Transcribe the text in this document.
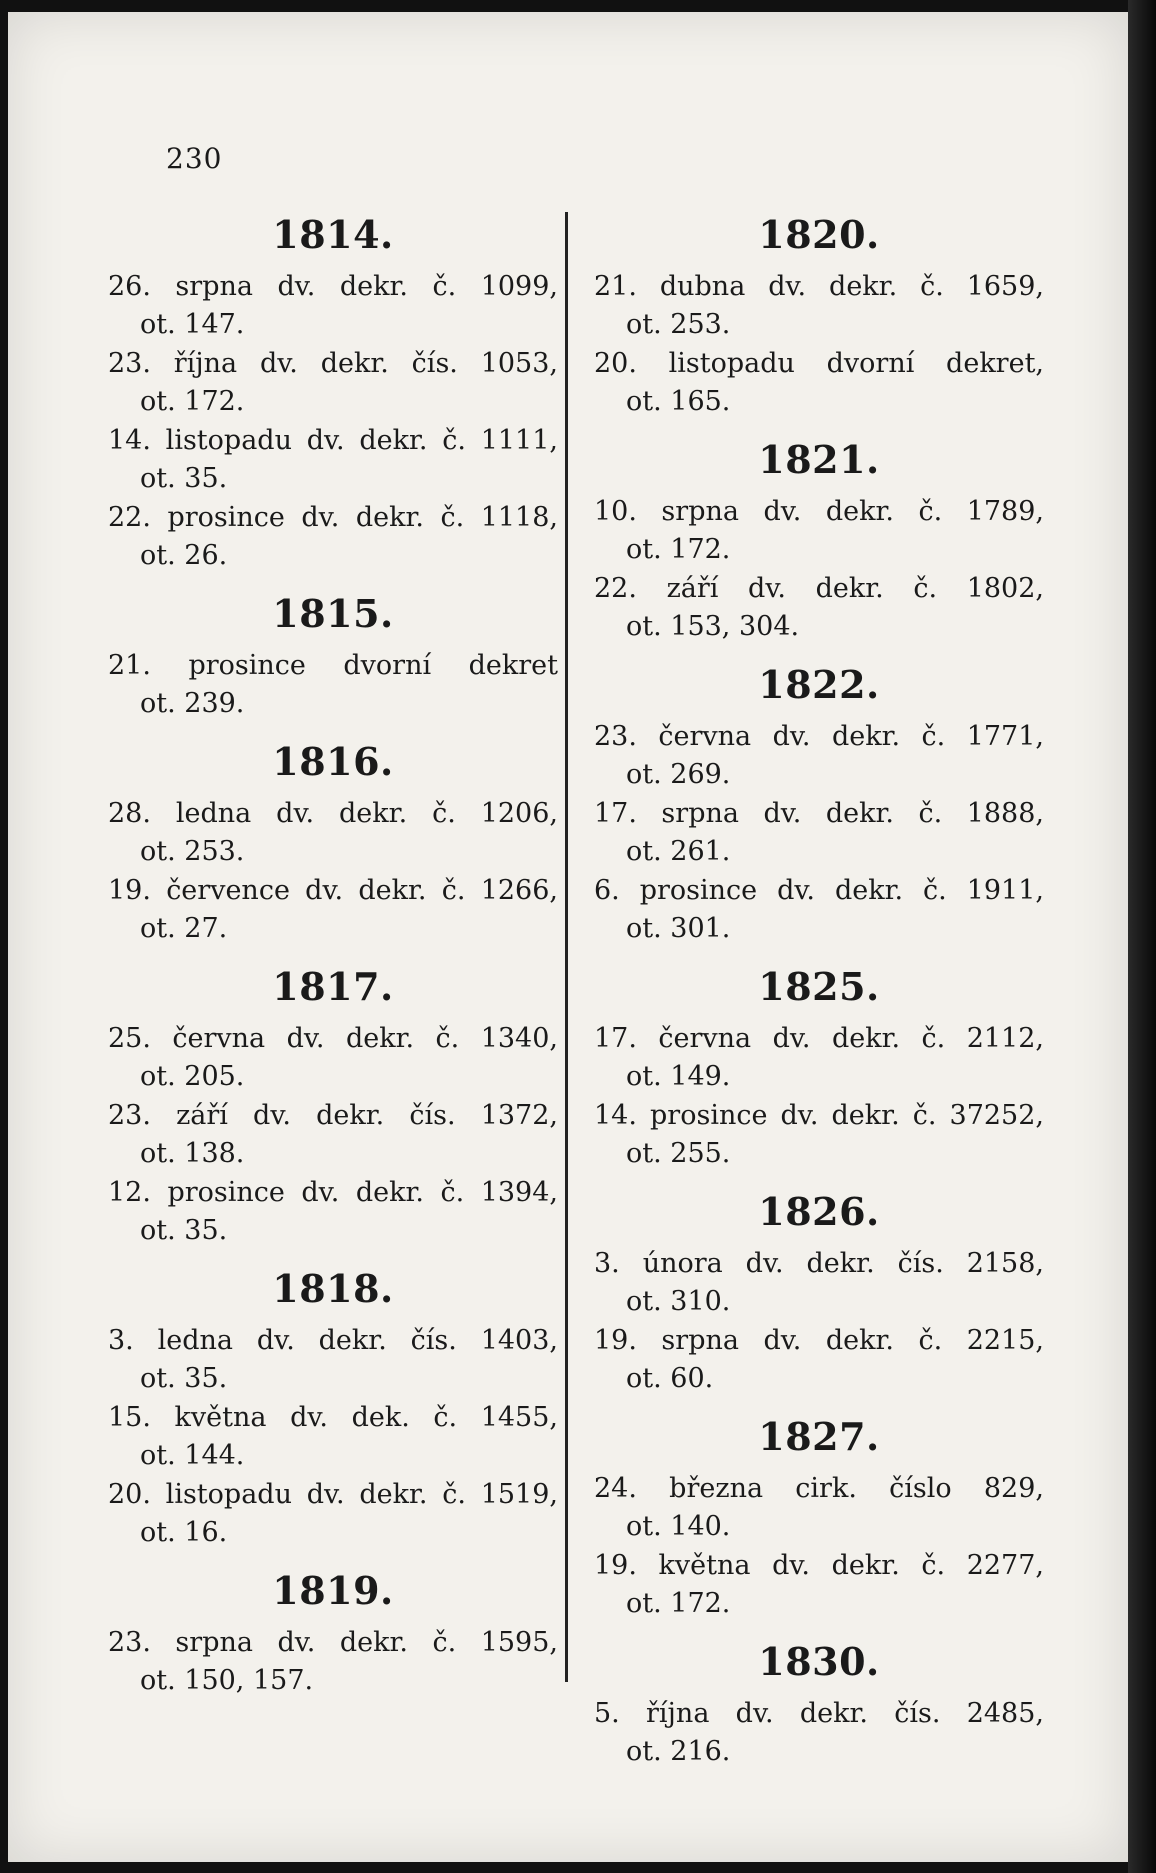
230
1814.
26. srpna dv. dekr. č. 1099,
ot. 147.
23. října dv. dekr. čís. 1053,
ot. 172.
14. listopadu dv. dekr. č. 1111,
ot. 35.
22. prosince dv. dekr. č. 1118,
ot. 26.
1815.
21. prosince dvorní dekret
ot. 239.
1816.
28. ledna dv. dekr. č. 1206,
ot. 253.
19. července dv. dekr. č. 1266,
ot. 27.
1817.
25. června dv. dekr. č. 1340,
ot. 205.
23. září dv. dekr. čís. 1372,
ot. 138.
12. prosince dv. dekr. č. 1394,
ot. 35.
1818.
3. ledna dv. dekr. čís. 1403,
ot. 35.
15. května dv. dek. č. 1455,
ot. 144.
20. listopadu dv. dekr. č. 1519,
ot. 16.
1819.
23. srpna dv. dekr. č. 1595,
ot. 150, 157.
1820.
21. dubna dv. dekr. č. 1659,
ot. 253.
20. listopadu dvorní dekret,
ot. 165.
1821.
10. srpna dv. dekr. č. 1789,
ot. 172.
22. září dv. dekr. č. 1802,
ot. 153, 304.
1822.
23. června dv. dekr. č. 1771,
ot. 269.
17. srpna dv. dekr. č. 1888,
ot. 261.
6. prosince dv. dekr. č. 1911,
ot. 301.
1825.
17. června dv. dekr. č. 2112,
ot. 149.
14. prosince dv. dekr. č. 37252,
ot. 255.
1826.
3. února dv. dekr. čís. 2158,
ot. 310.
19. srpna dv. dekr. č. 2215,
ot. 60.
1827.
24. března cirk. číslo 829,
ot. 140.
19. května dv. dekr. č. 2277,
ot. 172.
1830.
5. října dv. dekr. čís. 2485,
ot. 216.
